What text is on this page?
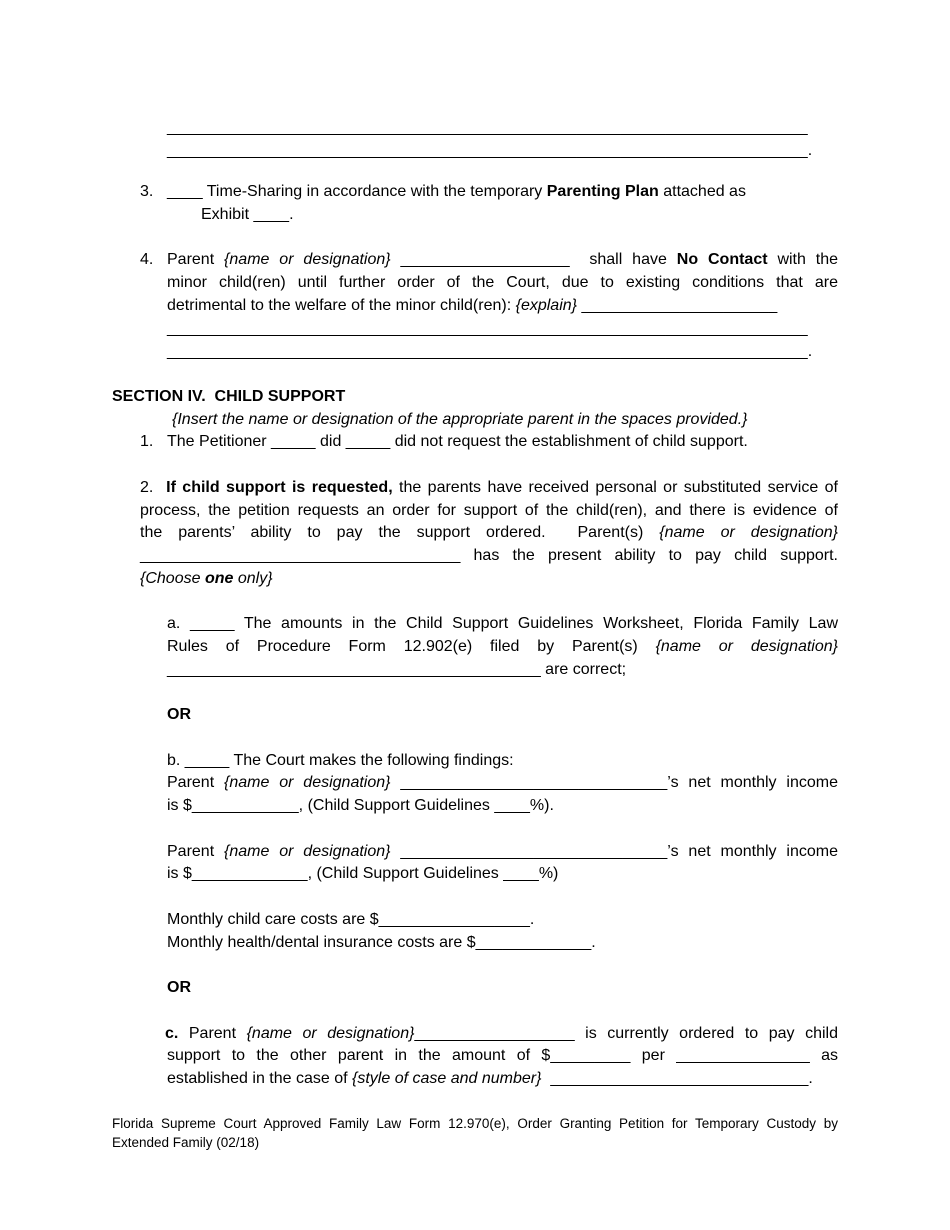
________________________________________________________________________
________________________________________________________________________.
3. ____ Time-Sharing in accordance with the temporary Parenting Plan attached as
Exhibit ____.
4. Parent {name or designation} ___________________  shall have No Contact with the
minor child(ren) until further order of the Court, due to existing conditions that are
detrimental to the welfare of the minor child(ren): {explain} ______________________
________________________________________________________________________
________________________________________________________________________.
SECTION IV.  CHILD SUPPORT
{Insert the name or designation of the appropriate parent in the spaces provided.}
1. The Petitioner _____ did _____ did not request the establishment of child support.
2. If child support is requested, the parents have received personal or substituted service of
process, the petition requests an order for support of the child(ren), and there is evidence of
the parents’ ability to pay the support ordered.  Parent(s) {name or designation}
____________________________________ has the present ability to pay child support.
{Choose one only}
a. _____ The amounts in the Child Support Guidelines Worksheet, Florida Family Law
Rules of Procedure Form 12.902(e) filed by Parent(s) {name or designation}
__________________________________________ are correct;
OR
b. _____ The Court makes the following findings:
Parent {name or designation} ______________________________’s net monthly income
is $____________, (Child Support Guidelines ____%).
Parent {name or designation} ______________________________’s net monthly income
is $_____________, (Child Support Guidelines ____%)
Monthly child care costs are $_________________.
Monthly health/dental insurance costs are $_____________.
OR
c. Parent {name or designation}__________________ is currently ordered to pay child
support to the other parent in the amount of $_________ per _______________ as
established in the case of {style of case and number}  _____________________________.
Florida Supreme Court Approved Family Law Form 12.970(e), Order Granting Petition for Temporary Custody by
Extended Family (02/18)
